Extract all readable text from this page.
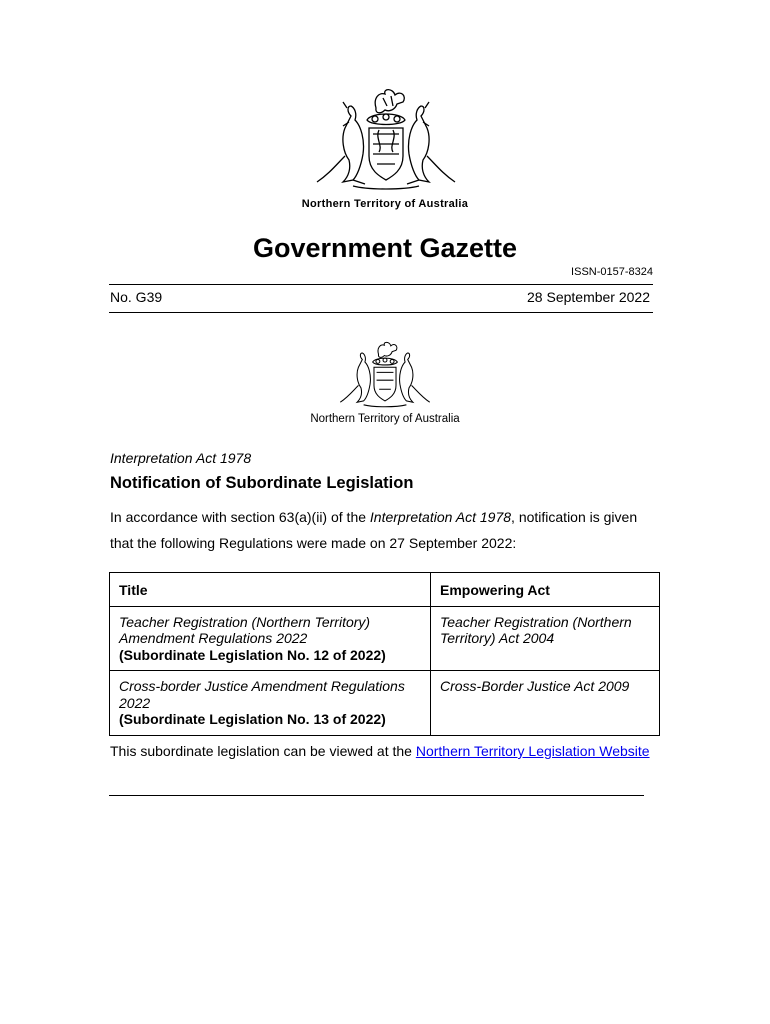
Northern Territory of Australia
Government Gazette
ISSN-0157-8324
No. G39	28 September 2022
Northern Territory of Australia
Interpretation Act 1978
Notification of Subordinate Legislation
In accordance with section 63(a)(ii) of the Interpretation Act 1978, notification is given that the following Regulations were made on 27 September 2022:
Title	Empowering Act

Teacher Registration (Northern Territory) Amendment Regulations 2022
(Subordinate Legislation No. 12 of 2022)	Teacher Registration (Northern Territory) Act 2004

Cross-border Justice Amendment Regulations 2022
(Subordinate Legislation No. 13 of 2022)	Cross-Border Justice Act 2009
This subordinate legislation can be viewed at the Northern Territory Legislation Website
